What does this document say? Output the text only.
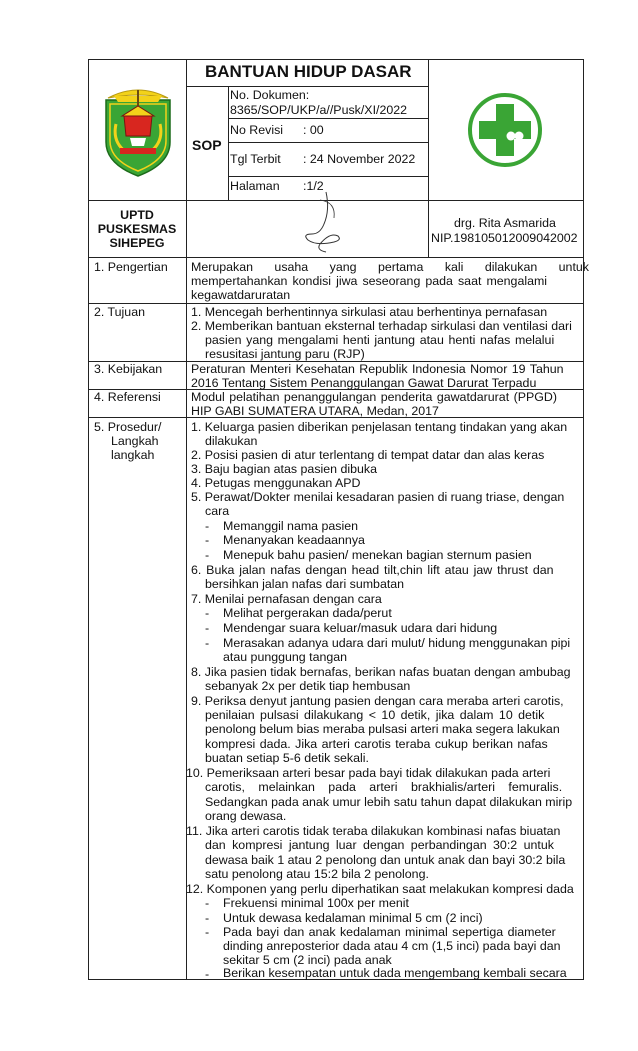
BANTUAN HIDUP DASAR
SOP
No. Dokumen:
8365/SOP/UKP/a//Pusk/XI/2022
No Revisi : 00
Tgl Terbit : 24 November 2022
Halaman :1/2
UPTD
PUSKESMAS
SIHEPEG
drg. Rita Asmarida
NIP.198105012009042002
1. Pengertian Merupakan usaha yang pertama kali dilakukan untuk
mempertahankan kondisi jiwa seseorang pada saat mengalami
kegawatdaruratan
2. Tujuan	1. Mencegah berhentinnya sirkulasi atau berhentinya pernafasan
2. Memberikan bantuan eksternal terhadap sirkulasi dan ventilasi dari
pasien yang mengalami henti jantung atau henti nafas melalui
resusitasi jantung paru (RJP)
3. Kebijakan Peraturan Menteri Kesehatan Republik Indonesia Nomor 19 Tahun
2016 Tentang Sistem Penanggulangan Gawat Darurat Terpadu
4. Referensi Modul pelatihan penanggulangan penderita gawatdarurat (PPGD)
HIP GABI SUMATERA UTARA, Medan, 2017
5. Prosedur/
Langkah
langkah
1. Keluarga pasien diberikan penjelasan tentang tindakan yang akan
dilakukan
2. Posisi pasien di atur terlentang di tempat datar dan alas keras
3. Baju bagian atas pasien dibuka
4. Petugas menggunakan APD
5. Perawat/Dokter menilai kesadaran pasien di ruang triase, dengan
cara
- Memanggil nama pasien
- Menanyakan keadaannya
- Menepuk bahu pasien/ menekan bagian sternum pasien
6. Buka jalan nafas dengan head tilt,chin lift atau jaw thrust dan
bersihkan jalan nafas dari sumbatan
7. Menilai pernafasan dengan cara
- Melihat pergerakan dada/perut
- Mendengar suara keluar/masuk udara dari hidung
- Merasakan adanya udara dari mulut/ hidung menggunakan pipi
atau punggung tangan
8. Jika pasien tidak bernafas, berikan nafas buatan dengan ambubag
sebanyak 2x per detik tiap hembusan
9. Periksa denyut jantung pasien dengan cara meraba arteri carotis,
penilaian pulsasi dilakukang < 10 detik, jika dalam 10 detik
penolong belum bias meraba pulsasi arteri maka segera lakukan
kompresi dada. Jika arteri carotis teraba cukup berikan nafas
buatan setiap 5-6 detik sekali.
10. Pemeriksaan arteri besar pada bayi tidak dilakukan pada arteri
carotis, melainkan pada arteri brakhialis/arteri femuralis.
Sedangkan pada anak umur lebih satu tahun dapat dilakukan mirip
orang dewasa.
11. Jika arteri carotis tidak teraba dilakukan kombinasi nafas biuatan
dan kompresi jantung luar dengan perbandingan 30:2 untuk
dewasa baik 1 atau 2 penolong dan untuk anak dan bayi 30:2 bila
satu penolong atau 15:2 bila 2 penolong.
12. Komponen yang perlu diperhatikan saat melakukan kompresi dada
- Frekuensi minimal 100x per menit
- Untuk dewasa kedalaman minimal 5 cm (2 inci)
- Pada bayi dan anak kedalaman minimal sepertiga diameter
dinding anreposterior dada atau 4 cm (1,5 inci) pada bayi dan
sekitar 5 cm (2 inci) pada anak
- Berikan kesempatan untuk dada mengembang kembali secara
